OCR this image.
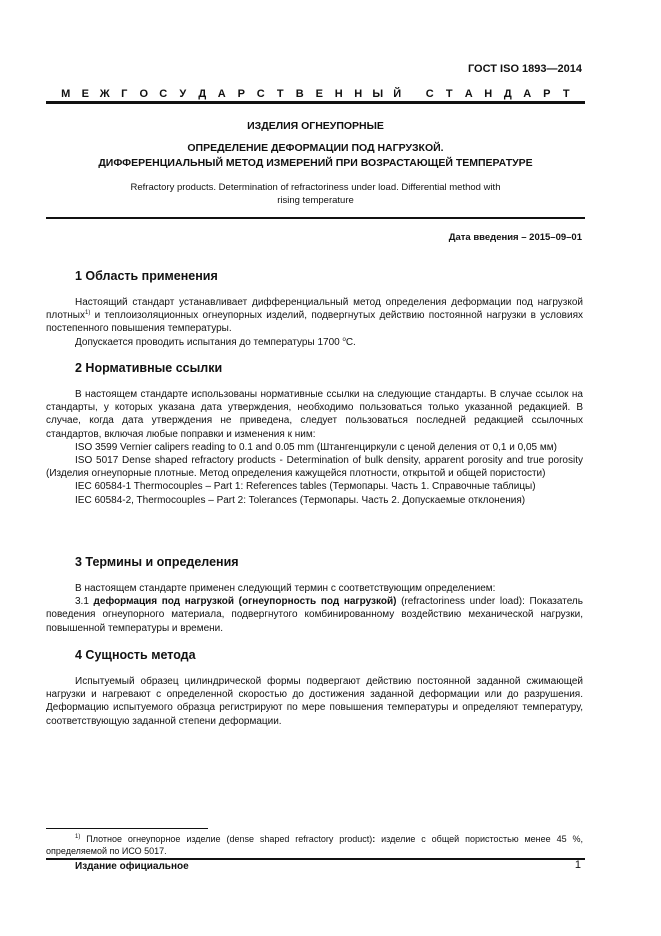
ГОСТ ISO 1893—2014
М	Е Ж	Г	О	С	У	Д	А	Р	С	Т	В	Е	Н	Н Ы Й	С	Т	А	Н	Д	А	Р	Т
ИЗДЕЛИЯ ОГНЕУПОРНЫЕ
ОПРЕДЕЛЕНИЕ ДЕФОРМАЦИИ ПОД НАГРУЗКОЙ.
ДИФФЕРЕНЦИАЛЬНЫЙ МЕТОД ИЗМЕРЕНИЙ ПРИ ВОЗРАСТАЮЩЕЙ ТЕМПЕРАТУРЕ
Refractory products. Determination of refractoriness under load. Differential method with
rising temperature
Дата введения – 2015–09–01
1 Область применения

Настоящий стандарт устанавливает дифференциальный метод определения деформации под нагрузкой плотных$^{1)}$ и теплоизоляционных огнеупорных изделий, подвергнутых действию постоянной нагрузки в условиях постепенного повышения температуры.

Допускается проводить испытания до температуры 1700 $^о$С.

2 Нормативные ссылки

В настоящем стандарте использованы нормативные ссылки на следующие стандарты. В случае ссылок на стандарты, у которых указана дата утверждения, необходимо пользоваться только указанной редакцией. В случае, когда дата утверждения не приведена, следует пользоваться последней редакцией ссылочных стандартов, включая любые поправки и изменения к ним:

ISO 3599 Vernier calipers reading to 0.1 and 0.05 mm (Штангенциркули с ценой деления от 0,1 и 0,05 мм)

ISO 5017 Dense shaped refractory products - Determination of bulk density, apparent porosity and true porosity (Изделия огнеупорные плотные. Метод определения кажущейся плотности, открытой и общей пористости)

IEC 60584-1 Thermocouples – Part 1: References tables (Термопары. Часть 1. Справочные таблицы)

IEC 60584-2, Thermocouples – Part 2: Tolerances (Термопары. Часть 2. Допускаемые отклонения)

3 Термины и определения

В настоящем стандарте применен следующий термин с соответствующим определением:

3.1 деформация под нагрузкой (огнеупорность под нагрузкой) (refractoriness under load): Показатель поведения огнеупорного материала, подвергнутого комбинированному воздействию механической нагрузки, повышенной температуры и времени.

4 Сущность метода

Испытуемый образец цилиндрической формы подвергают действию постоянной заданной сжимающей нагрузки и нагревают с определенной скоростью до достижения заданной деформации или до разрушения. Деформацию испытуемого образца регистрируют по мере повышения температуры и определяют температуру, соответствующую заданной степени деформации.

$^{1)}$ Плотное огнеупорное изделие (dense shaped refractory product): изделие с общей пористостью менее 45 %, определяемой по ИСО 5017.

Издание официальное	1
